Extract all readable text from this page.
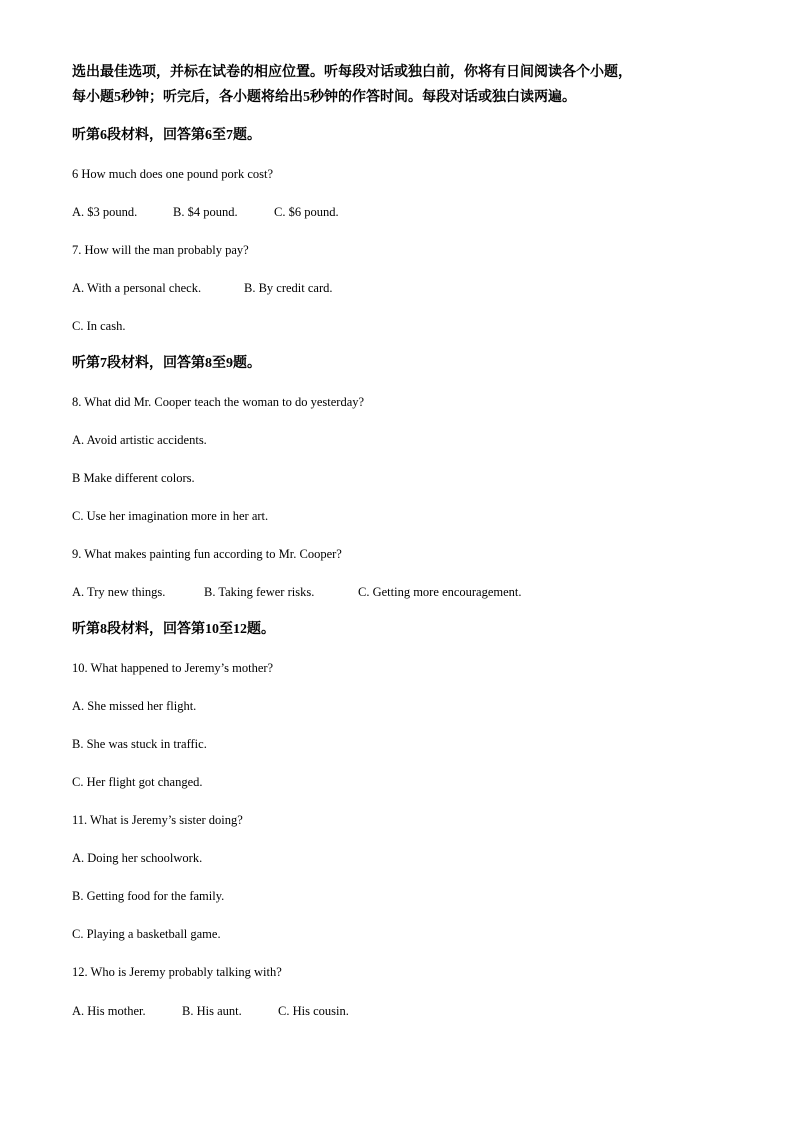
选出最佳选项，并标在试卷的相应位置。听每段对话或独白前，你将有日间阅读各个小题，
每小题5秒钟；听完后，各小题将给出5秒钟的作答时间。每段对话或独白读两遍。
听第6段材料，回答第6至7题。
6 How much does one pound pork cost?
A. $3 pound.	B. $4 pound.	C. $6 pound.
7. How will the man probably pay?
A. With a personal check.	B. By credit card.
C. In cash.
听第7段材料，回答第8至9题。
8. What did Mr. Cooper teach the woman to do yesterday?
A. Avoid artistic accidents.
B Make different colors.
C. Use her imagination more in her art.
9. What makes painting fun according to Mr. Cooper?
A. Try new things.	B. Taking fewer risks.	C. Getting more encouragement.
听第8段材料，回答第10至12题。
10. What happened to Jeremy’s mother?
A. She missed her flight.
B. She was stuck in traffic.
C. Her flight got changed.
11. What is Jeremy’s sister doing?
A. Doing her schoolwork.
B. Getting food for the family.
C. Playing a basketball game.
12. Who is Jeremy probably talking with?
A. His mother.	B. His aunt.	C. His cousin.
